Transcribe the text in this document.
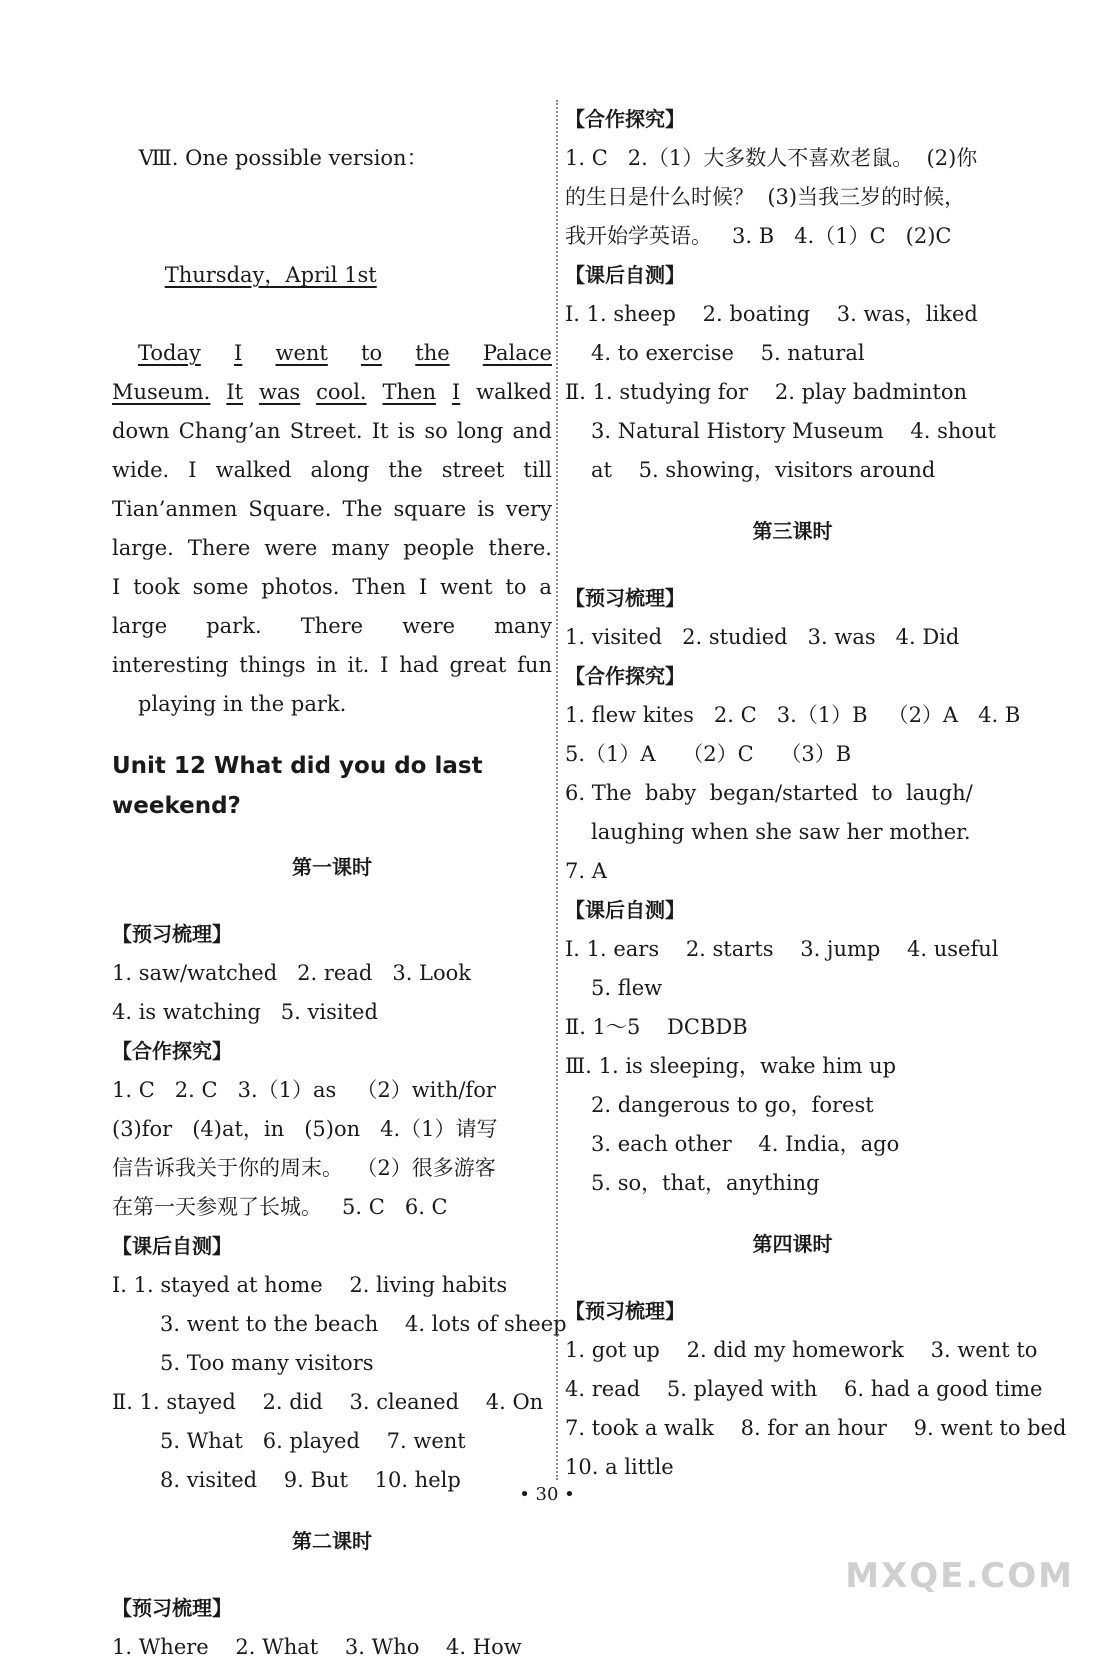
Ⅷ. One possible version：

Thursday，April 1st

Today I went to the Palace
Museum. It was cool. Then I walked
down Chang’an Street. It is so long and
wide. I walked along the street till
Tian’anmen Square. The square is very
large. There were many people there.
I took some photos. Then I went to a
large park. There were many
interesting things in it. I had great fun
playing in the park.
Unit 12 What did you do last weekend?
第一课时
【预习梳理】
1. saw/watched   2. read   3. Look
4. is watching   5. visited
【合作探究】
1. C   2. C   3.（1）as   （2）with/for
(3)for   (4)at，in   (5)on   4.（1）请写
信告诉我关于你的周末。  （2）很多游客
在第一天参观了长城。   5. C   6. C
【课后自测】
Ⅰ. 1. stayed at home    2. living habits
3. went to the beach    4. lots of sheep
5. Too many visitors
Ⅱ. 1. stayed    2. did    3. cleaned    4. On
5. What   6. played    7. went
8. visited    9. But    10. help
第二课时
【预习梳理】
1. Where    2. What    3. Who    4. How
【合作探究】
1. C   2.（1）大多数人不喜欢老鼠。  (2)你
的生日是什么时候？  (3)当我三岁的时候，
我开始学英语。   3. B   4.（1）C   (2)C
【课后自测】
Ⅰ. 1. sheep    2. boating    3. was，liked
4. to exercise    5. natural
Ⅱ. 1. studying for    2. play badminton
3. Natural History Museum    4. shout
at    5. showing，visitors around
第三课时
【预习梳理】
1. visited   2. studied   3. was   4. Did
【合作探究】
1. flew kites   2. C   3.（1）B   （2）A   4. B
5.（1）A    （2）C    （3）B
6. The  baby  began/started  to  laugh/
laughing when she saw her mother.
7. A
【课后自测】
Ⅰ. 1. ears    2. starts    3. jump    4. useful
5. flew
Ⅱ. 1～5    DCBDB
Ⅲ. 1. is sleeping，wake him up
2. dangerous to go，forest
3. each other    4. India，ago
5. so，that，anything
第四课时
【预习梳理】
1. got up    2. did my homework    3. went to
4. read    5. played with    6. had a good time
7. took a walk    8. for an hour    9. went to bed
10. a little
• 30 •
MXQE.COM
